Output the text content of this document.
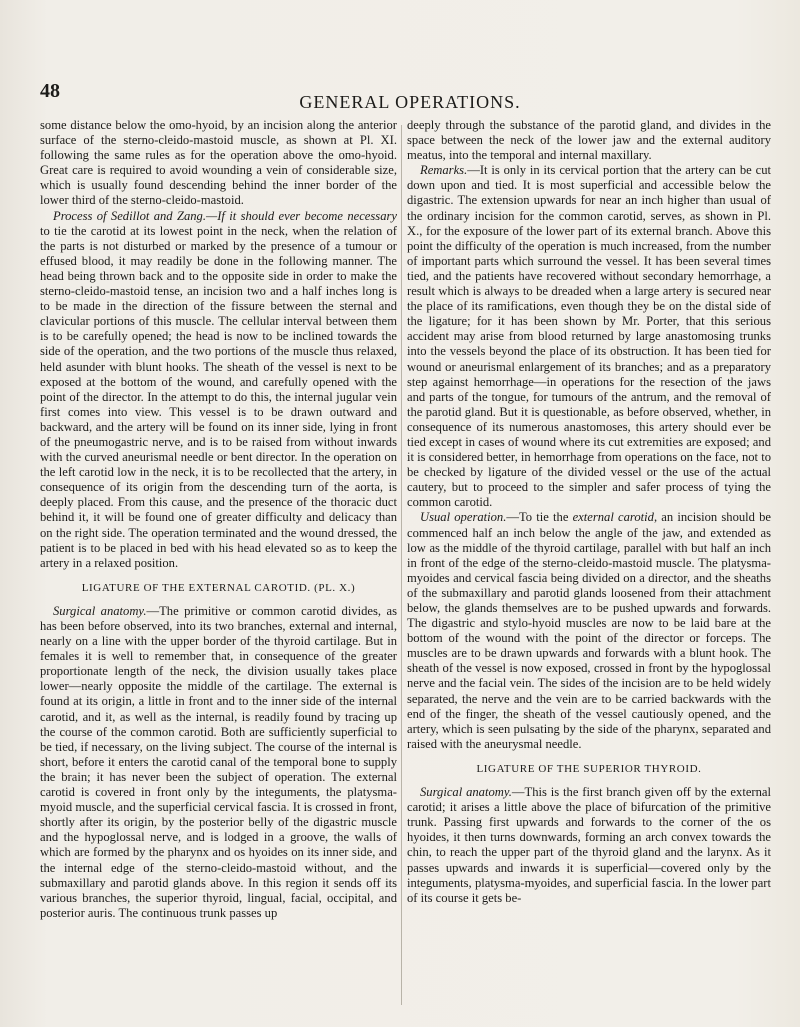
48	GENERAL OPERATIONS.

some distance below the omo-hyoid, by an incision along the anterior surface of the sterno-cleido-mastoid muscle, as shown at Pl. XI. following the same rules as for the operation above the omo-hyoid. Great care is required to avoid wounding a vein of considerable size, which is usually found descending behind the inner border of the lower third of the sterno-cleido-mastoid.

Process of Sedillot and Zang.—If it should ever become necessary to tie the carotid at its lowest point in the neck, when the relation of the parts is not disturbed or marked by the presence of a tumour or effused blood, it may readily be done in the following manner. The head being thrown back and to the opposite side in order to make the sterno-cleido-mastoid tense, an incision two and a half inches long is to be made in the direction of the fissure between the sternal and clavicular portions of this muscle. The cellular interval between them is to be carefully opened; the head is now to be inclined towards the side of the operation, and the two portions of the muscle thus relaxed, held asunder with blunt hooks. The sheath of the vessel is next to be exposed at the bottom of the wound, and carefully opened with the point of the director. In the attempt to do this, the internal jugular vein first comes into view. This vessel is to be drawn outward and backward, and the artery will be found on its inner side, lying in front of the pneumogastric nerve, and is to be raised from without inwards with the curved aneurismal needle or bent director. In the operation on the left carotid low in the neck, it is to be recollected that the artery, in consequence of its origin from the descending turn of the aorta, is deeply placed. From this cause, and the presence of the thoracic duct behind it, it will be found one of greater difficulty and delicacy than on the right side. The operation terminated and the wound dressed, the patient is to be placed in bed with his head elevated so as to keep the artery in a relaxed position.

LIGATURE OF THE EXTERNAL CAROTID. (PL. X.)

Surgical anatomy.—The primitive or common carotid divides, as has been before observed, into its two branches, external and internal, nearly on a line with the upper border of the thyroid cartilage. But in females it is well to remember that, in consequence of the greater proportionate length of the neck, the division usually takes place lower—nearly opposite the middle of the cartilage. The external is found at its origin, a little in front and to the inner side of the internal carotid, and it, as well as the internal, is readily found by tracing up the course of the common carotid. Both are sufficiently superficial to be tied, if necessary, on the living subject. The course of the internal is short, before it enters the carotid canal of the temporal bone to supply the brain; it has never been the subject of operation. The external carotid is covered in front only by the integuments, the platysma-myoid muscle, and the superficial cervical fascia. It is crossed in front, shortly after its origin, by the posterior belly of the digastric muscle and the hypoglossal nerve, and is lodged in a groove, the walls of which are formed by the pharynx and os hyoides on its inner side, and the internal edge of the sterno-cleido-mastoid without, and the submaxillary and parotid glands above. In this region it sends off its various branches, the superior thyroid, lingual, facial, occipital, and posterior auris. The continuous trunk passes up

deeply through the substance of the parotid gland, and divides in the space between the neck of the lower jaw and the external auditory meatus, into the temporal and internal maxillary.

Remarks.—It is only in its cervical portion that the artery can be cut down upon and tied. It is most superficial and accessible below the digastric. The extension upwards for near an inch higher than usual of the ordinary incision for the common carotid, serves, as shown in Pl. X., for the exposure of the lower part of its external branch. Above this point the difficulty of the operation is much increased, from the number of important parts which surround the vessel. It has been several times tied, and the patients have recovered without secondary hemorrhage, a result which is always to be dreaded when a large artery is secured near the place of its ramifications, even though they be on the distal side of the ligature; for it has been shown by Mr. Porter, that this serious accident may arise from blood returned by large anastomosing trunks into the vessels beyond the place of its obstruction. It has been tied for wound or aneurismal enlargement of its branches; and as a preparatory step against hemorrhage—in operations for the resection of the jaws and parts of the tongue, for tumours of the antrum, and the removal of the parotid gland. But it is questionable, as before observed, whether, in consequence of its numerous anastomoses, this artery should ever be tied except in cases of wound where its cut extremities are exposed; and it is considered better, in hemorrhage from operations on the face, not to be checked by ligature of the divided vessel or the use of the actual cautery, but to proceed to the simpler and safer process of tying the common carotid.

Usual operation.—To tie the external carotid, an incision should be commenced half an inch below the angle of the jaw, and extended as low as the middle of the thyroid cartilage, parallel with but half an inch in front of the edge of the sterno-cleido-mastoid muscle. The platysma-myoides and cervical fascia being divided on a director, and the sheaths of the submaxillary and parotid glands loosened from their attachment below, the glands themselves are to be pushed upwards and forwards. The digastric and stylo-hyoid muscles are now to be laid bare at the bottom of the wound with the point of the director or forceps. The muscles are to be drawn upwards and forwards with a blunt hook. The sheath of the vessel is now exposed, crossed in front by the hypoglossal nerve and the facial vein. The sides of the incision are to be held widely separated, the nerve and the vein are to be carried backwards with the end of the finger, the sheath of the vessel cautiously opened, and the artery, which is seen pulsating by the side of the pharynx, separated and raised with the aneurysmal needle.

LIGATURE OF THE SUPERIOR THYROID.

Surgical anatomy.—This is the first branch given off by the external carotid; it arises a little above the place of bifurcation of the primitive trunk. Passing first upwards and forwards to the corner of the os hyoides, it then turns downwards, forming an arch convex towards the chin, to reach the upper part of the thyroid gland and the larynx. As it passes upwards and inwards it is superficial—covered only by the integuments, platysma-myoides, and superficial fascia. In the lower part of its course it gets be-
